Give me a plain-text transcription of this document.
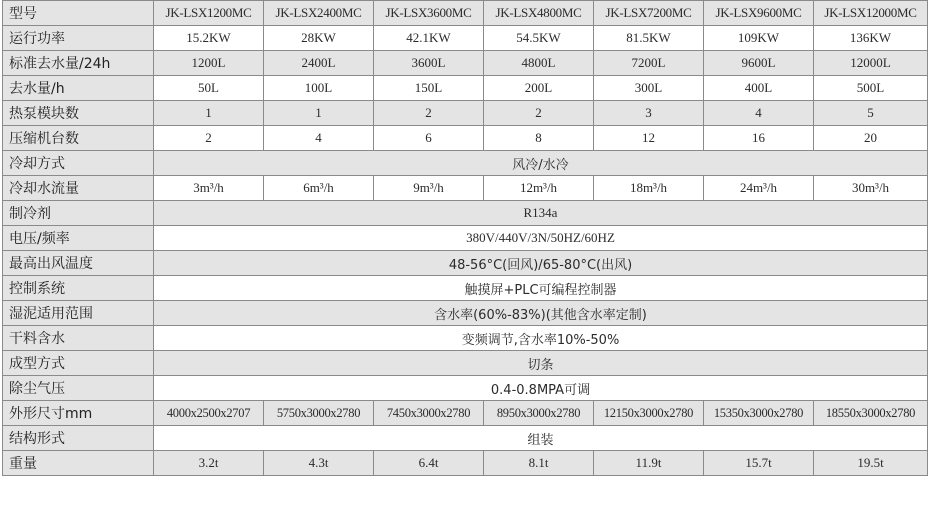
型号	JK-LSX1200MC	JK-LSX2400MC	JK-LSX3600MC	JK-LSX4800MC	JK-LSX7200MC	JK-LSX9600MC	JK-LSX12000MC
运行功率	15.2KW	28KW	42.1KW	54.5KW	81.5KW	109KW	136KW
标准去水量/24h	1200L	2400L	3600L	4800L	7200L	9600L	12000L
去水量/h	50L	100L	150L	200L	300L	400L	500L
热泵模块数	1	1	2	2	3	4	5
压缩机台数	2	4	6	8	12	16	20
冷却方式	风冷/水冷						
冷却水流量	3m³/h	6m³/h	9m³/h	12m³/h	18m³/h	24m³/h	30m³/h
制冷剂	R134a						
电压/频率	380V/440V/3N/50HZ/60HZ						
最高出风温度	48-56°C(回风)/65-80°C(出风)						
控制系统	触摸屏+PLC可编程控制器						
湿泥适用范围	含水率(60%-83%)(其他含水率定制)						
干料含水	变频调节,含水率10%-50%						
成型方式	切条						
除尘气压	0.4-0.8MPA可调						
外形尺寸mm	4000x2500x2707	5750x3000x2780	7450x3000x2780	8950x3000x2780	12150x3000x2780	15350x3000x2780	18550x3000x2780
结构形式	组装						
重量	3.2t	4.3t	6.4t	8.1t	11.9t	15.7t	19.5t
